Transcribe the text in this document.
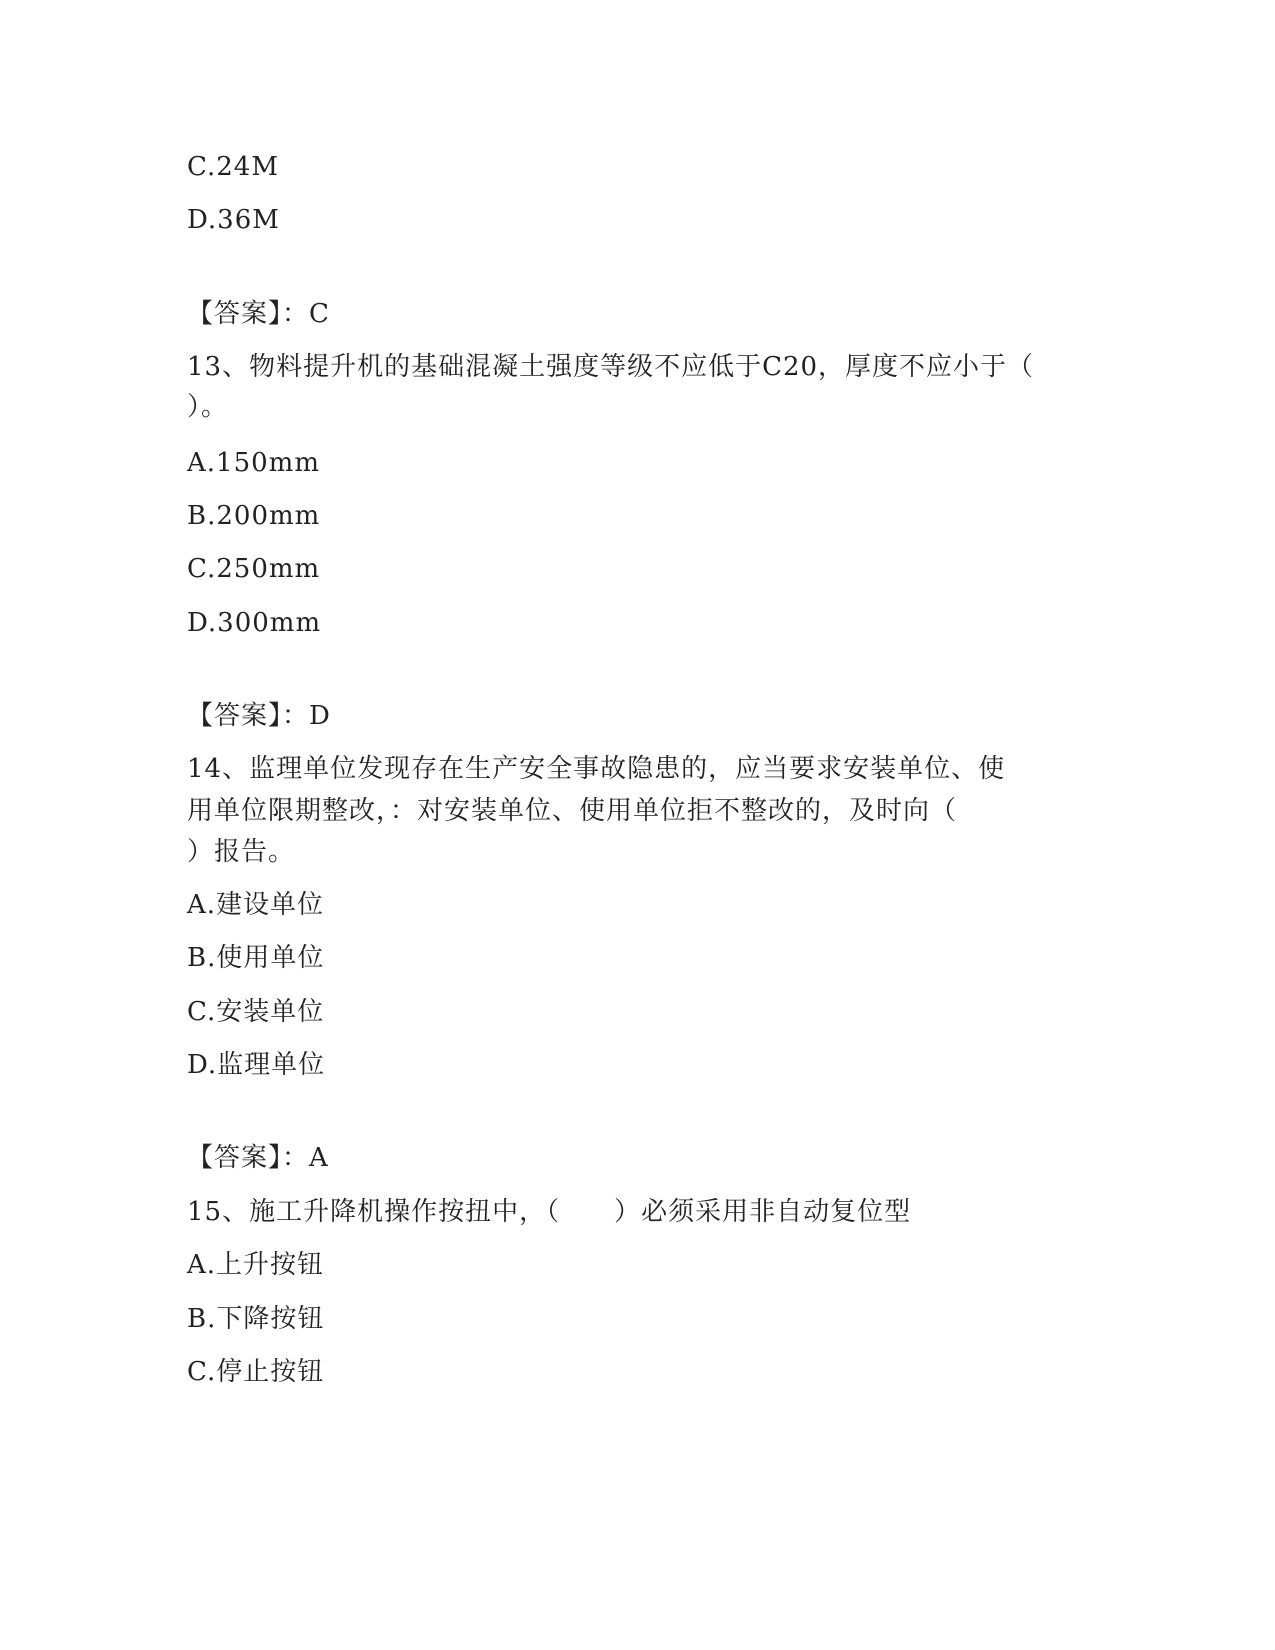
C.24M
D.36M
【答案】：C
13、物料提升机的基础混凝土强度等级不应低于C20，厚度不应小于（
）。
A.150mm
B.200mm
C.250mm
D.300mm
【答案】：D
14、监理单位发现存在生产安全事故隐患的，应当要求安装单位、使
用单位限期整改，：对安装单位、使用单位拒不整改的，及时向（
）报告。
A.建设单位
B.使用单位
C.安装单位
D.监理单位
【答案】：A
15、施工升降机操作按扭中，（　　）必须采用非自动复位型
A.上升按钮
B.下降按钮
C.停止按钮
